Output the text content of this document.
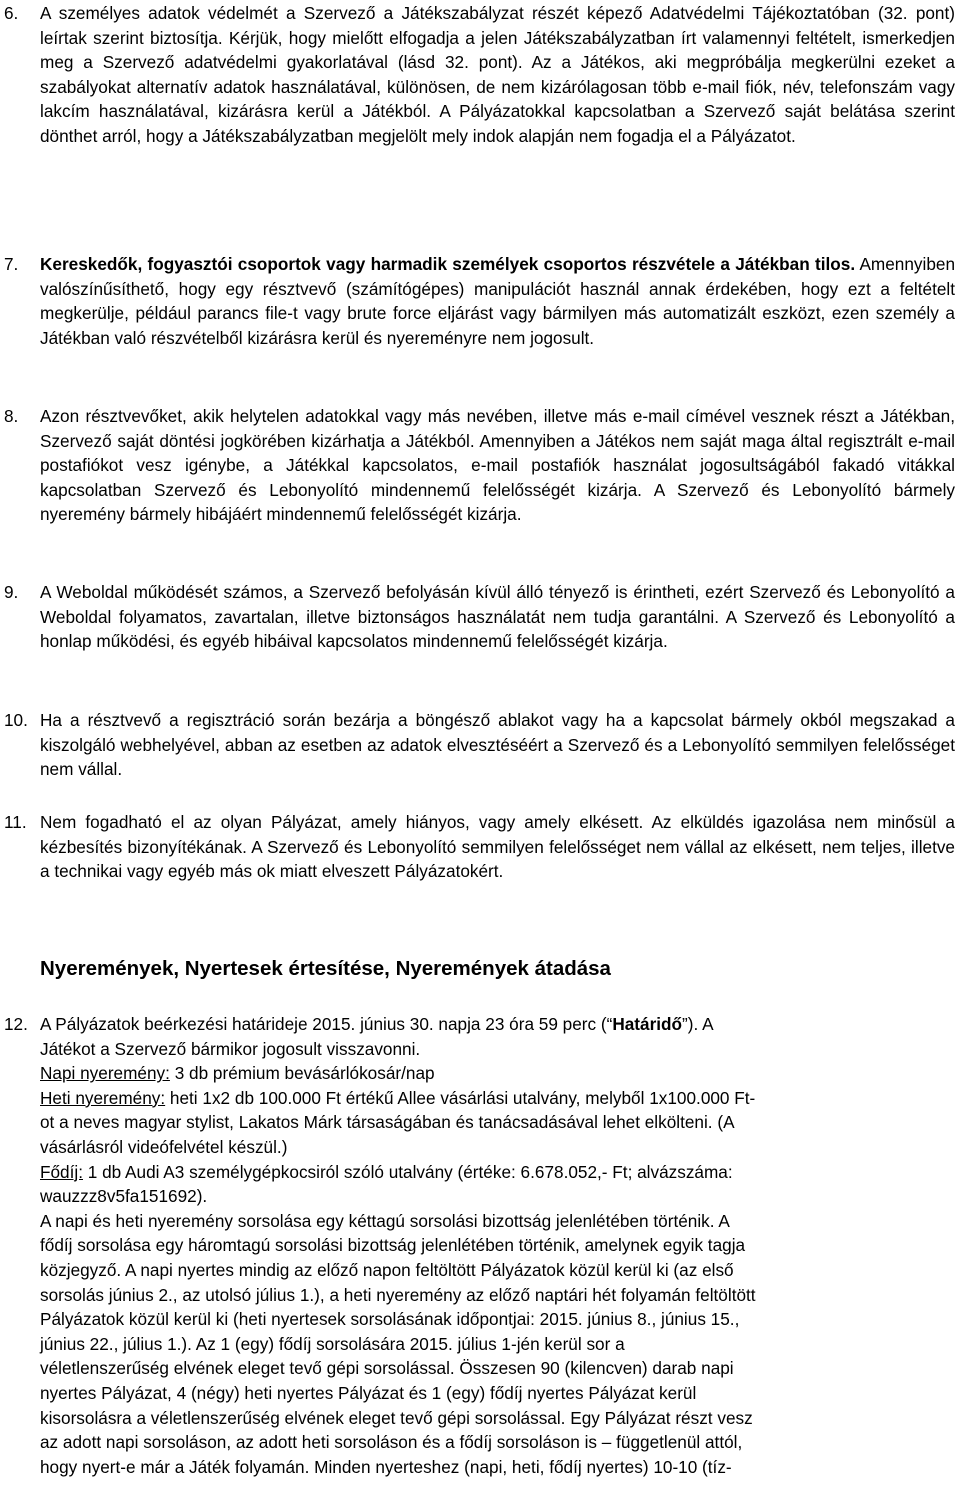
6.	A személyes adatok védelmét a Szervező a Játékszabályzat részét képező Adatvédelmi Tájékoztatóban (32. pont) leírtak szerint biztosítja. Kérjük, hogy mielőtt elfogadja a jelen Játékszabályzatban írt valamennyi feltételt, ismerkedjen meg a Szervező adatvédelmi gyakorlatával (lásd 32. pont). Az a Játékos, aki megpróbálja megkerülni ezeket a szabályokat alternatív adatok használatával, különösen, de nem kizárólagosan több e-mail fiók, név, telefonszám vagy lakcím használatával, kizárásra kerül a Játékból. A Pályázatokkal kapcsolatban a Szervező saját belátása szerint dönthet arról, hogy a Játékszabályzatban megjelölt mely indok alapján nem fogadja el a Pályázatot.
7.	Kereskedők, fogyasztói csoportok vagy harmadik személyek csoportos részvétele a Játékban tilos. Amennyiben valószínűsíthető, hogy egy résztvevő (számítógépes) manipulációt használ annak érdekében, hogy ezt a feltételt megkerülje, például parancs file-t vagy brute force eljárást vagy bármilyen más automatizált eszközt, ezen személy a Játékban való részvételből kizárásra kerül és nyereményre nem jogosult.
8.	Azon résztvevőket, akik helytelen adatokkal vagy más nevében, illetve más e-mail címével vesznek részt a Játékban, Szervező saját döntési jogkörében kizárhatja a Játékból. Amennyiben a Játékos nem saját maga által regisztrált e-mail postafiókot vesz igénybe, a Játékkal kapcsolatos, e-mail postafiók használat jogosultságából fakadó vitákkal kapcsolatban Szervező és Lebonyolító mindennemű felelősségét kizárja. A Szervező és Lebonyolító bármely nyeremény bármely hibájáért mindennemű felelősségét kizárja.
9.	A Weboldal működését számos, a Szervező befolyásán kívül álló tényező is érintheti, ezért Szervező és Lebonyolító a Weboldal folyamatos, zavartalan, illetve biztonságos használatát nem tudja garantálni. A Szervező és Lebonyolító a honlap működési, és egyéb hibáival kapcsolatos mindennemű felelősségét kizárja.
10. Ha a résztvevő a regisztráció során bezárja a böngésző ablakot vagy ha a kapcsolat bármely okból megszakad a kiszolgáló webhelyével, abban az esetben az adatok elvesztéséért a Szervező és a Lebonyolító semmilyen felelősséget nem vállal.
11. Nem fogadható el az olyan Pályázat, amely hiányos, vagy amely elkésett. Az elküldés igazolása nem minősül a kézbesítés bizonyítékának. A Szervező és Lebonyolító semmilyen felelősséget nem vállal az elkésett, nem teljes, illetve a technikai vagy egyéb más ok miatt elveszett Pályázatokért.
Nyeremények, Nyertesek értesítése, Nyeremények átadása
12. A Pályázatok beérkezési határideje 2015. június 30. napja 23 óra 59 perc (“Határidő”). A
Játékot a Szervező bármikor jogosult visszavonni.
Napi nyeremény: 3 db prémium bevásárlókosár/nap
Heti nyeremény: heti 1x2 db 100.000 Ft értékű Allee vásárlási utalvány, melyből 1x100.000 Ft-
ot a neves magyar stylist, Lakatos Márk társaságában és tanácsadásával lehet elkölteni. (A
vásárlásról videófelvétel készül.)
Fődíj: 1 db Audi A3 személygépkocsiról szóló utalvány (értéke: 6.678.052,- Ft; alvázszáma:
wauzzz8v5fa151692).
A napi és heti nyeremény sorsolása egy kéttagú sorsolási bizottság jelenlétében történik. A
fődíj sorsolása egy háromtagú sorsolási bizottság jelenlétében történik, amelynek egyik tagja
közjegyző. A napi nyertes mindig az előző napon feltöltött Pályázatok közül kerül ki (az első
sorsolás június 2., az utolsó július 1.), a heti nyeremény az előző naptári hét folyamán feltöltött
Pályázatok közül kerül ki (heti nyertesek sorsolásának időpontjai: 2015. június 8., június 15.,
június 22., július 1.). Az 1 (egy) fődíj sorsolására 2015. július 1-jén kerül sor a
véletlenszerűség elvének eleget tevő gépi sorsolással. Összesen 90 (kilencven) darab napi
nyertes Pályázat, 4 (négy) heti nyertes Pályázat és 1 (egy) fődíj nyertes Pályázat kerül
kisorsolásra a véletlenszerűség elvének eleget tevő gépi sorsolással. Egy Pályázat részt vesz
az adott napi sorsoláson, az adott heti sorsoláson és a fődíj sorsoláson is – függetlenül attól,
hogy nyert-e már a Játék folyamán. Minden nyerteshez (napi, heti, fődíj nyertes) 10-10 (tíz-
